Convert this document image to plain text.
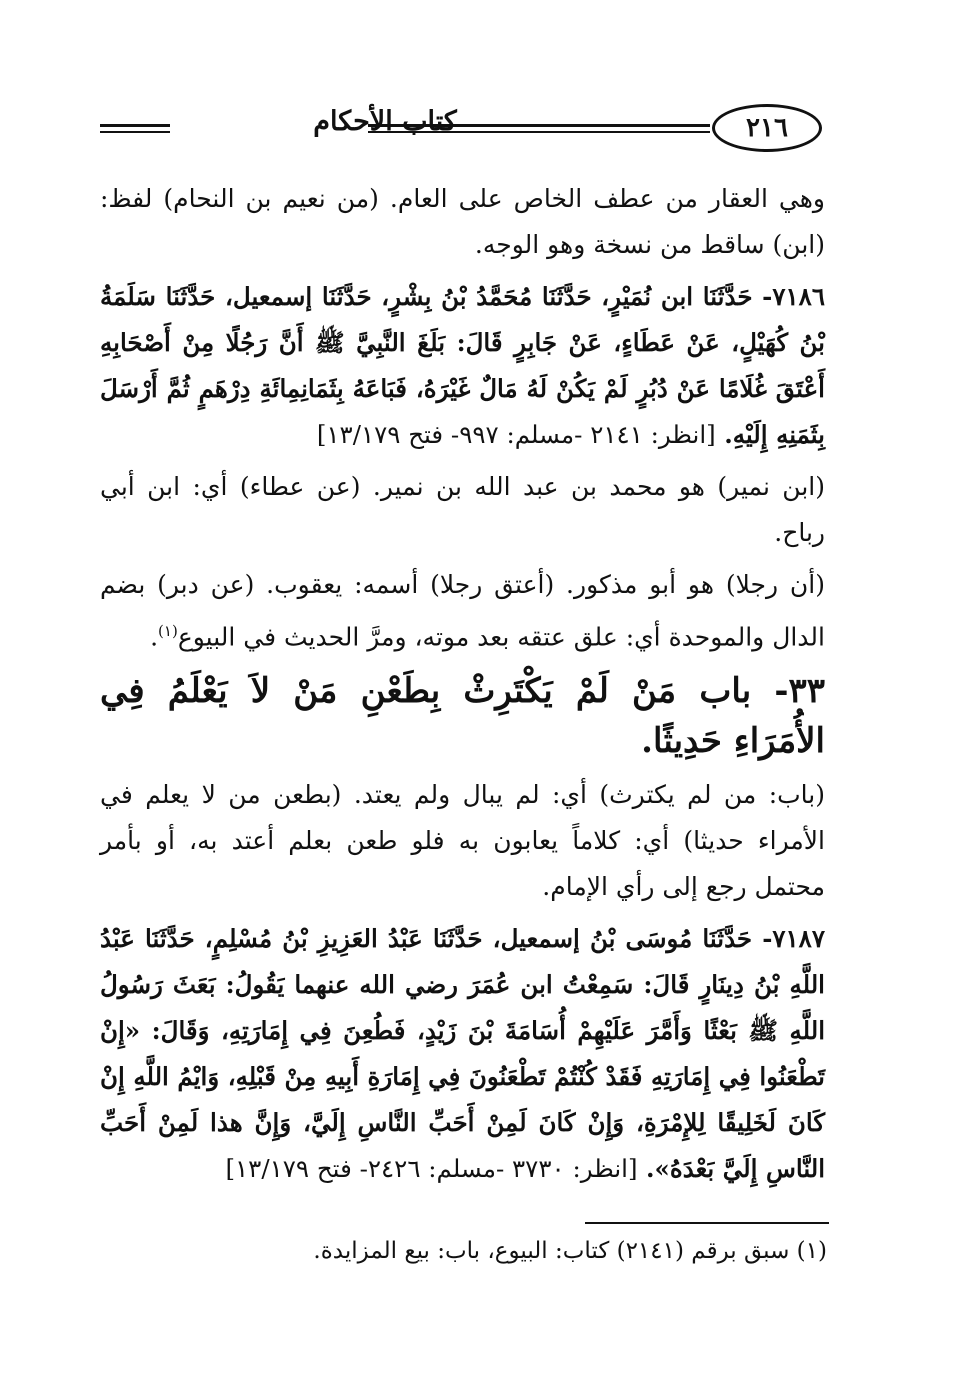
كتاب الأحكام	٢١٦

وهي العقار من عطف الخاص على العام. (من نعيم بن النحام) لفظ: (ابن) ساقط من نسخة وهو الوجه.

٧١٨٦- حَدَّثَنَا ابن نُمَيْرٍ، حَدَّثَنَا مُحَمَّدُ بْنُ بِشْرٍ، حَدَّثَنَا إسمعيل، حَدَّثَنَا سَلَمَةُ بْنُ كُهَيْلٍ، عَنْ عَطَاءٍ، عَنْ جَابِرٍ قَالَ: بَلَغَ النَّبِيَّ ﷺ أَنَّ رَجُلًا مِنْ أَصْحَابِهِ أَعْتَقَ غُلَامًا عَنْ دُبُرٍ لَمْ يَكُنْ لَهُ مَالٌ غَيْرَهُ، فَبَاعَهُ بِثَمَانِمِائَةِ دِرْهَمٍ ثُمَّ أَرْسَلَ بِثَمَنِهِ إِلَيْهِ. [انظر: ٢١٤١ -مسلم: ٩٩٧- فتح ١٣/١٧٩]

(ابن نمير) هو محمد بن عبد الله بن نمير. (عن عطاء) أي: ابن أبي رباح.

(أن رجلا) هو أبو مذكور. (أعتق رجلا) أسمه: يعقوب. (عن دبر) بضم الدال والموحدة أي: علق عتقه بعد موته، ومرَّ الحديث في البيوع$^{(١)}$.

٣٣- باب مَنْ لَمْ يَكْتَرِثْ بِطَعْنِ مَنْ لاَ يَعْلَمُ فِي الأُمَرَاءِ حَدِيثًا.

(باب: من لم يكترث) أي: لم يبال ولم يعتد. (بطعن من لا يعلم في الأمراء حديثا) أي: كلاماً يعابون به فلو طعن بعلم أعتد به، أو بأمر محتمل رجع إلى رأي الإمام.

٧١٨٧- حَدَّثَنَا مُوسَى بْنُ إسمعيل، حَدَّثَنَا عَبْدُ العَزِيزِ بْنُ مُسْلِمٍ، حَدَّثَنَا عَبْدُ اللَّهِ بْنُ دِينَارٍ قَالَ: سَمِعْتُ ابن عُمَرَ رضي الله عنهما يَقُولُ: بَعَثَ رَسُولُ اللَّهِ ﷺ بَعْثًا وَأَمَّرَ عَلَيْهِمْ أُسَامَةَ بْنَ زَيْدٍ، فَطُعِنَ فِي إِمَارَتِهِ، وَقَالَ: «إِنْ تَطْعَنُوا فِي إِمَارَتِهِ فَقَدْ كُنْتُمْ تَطْعَنُونَ فِي إِمَارَةِ أَبِيهِ مِنْ قَبْلِهِ، وَايْمُ اللَّهِ إِنْ كَانَ لَخَلِيقًا لِلإِمْرَةِ، وَإِنْ كَانَ لَمِنْ أَحَبِّ النَّاسِ إِلَيَّ، وَإِنَّ هذا لَمِنْ أَحَبِّ النَّاسِ إِلَيَّ بَعْدَهُ». [انظر: ٣٧٣٠ -مسلم: ٢٤٢٦- فتح ١٣/١٧٩]

(١) سبق برقم (٢١٤١) كتاب: البيوع، باب: بيع المزايدة.
